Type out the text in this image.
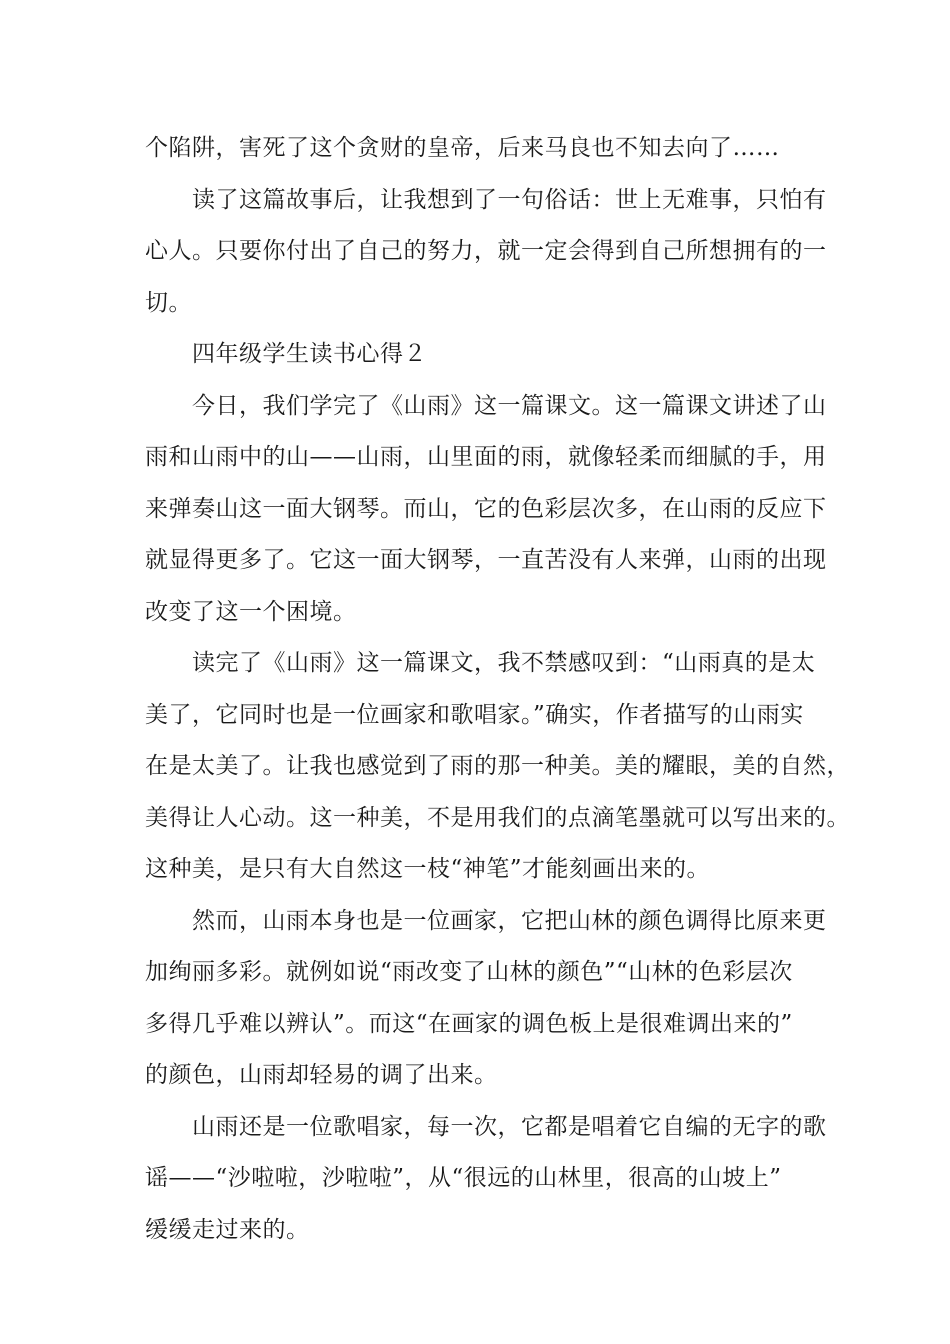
个陷阱，害死了这个贪财的皇帝，后来马良也不知去向了……

读了这篇故事后，让我想到了一句俗话：世上无难事，只怕有

心人。只要你付出了自己的努力，就一定会得到自己所想拥有的一

切。

四年级学生读书心得２

今日，我们学完了《山雨》这一篇课文。这一篇课文讲述了山

雨和山雨中的山——山雨，山里面的雨，就像轻柔而细腻的手，用

来弹奏山这一面大钢琴。而山，它的色彩层次多，在山雨的反应下

就显得更多了。它这一面大钢琴，一直苦没有人来弹，山雨的出现

改变了这一个困境。

读完了《山雨》这一篇课文，我不禁感叹到：“山雨真的是太

美了，它同时也是一位画家和歌唱家。”确实，作者描写的山雨实

在是太美了。让我也感觉到了雨的那一种美。美的耀眼，美的自然，

美得让人心动。这一种美，不是用我们的点滴笔墨就可以写出来的。

这种美，是只有大自然这一枝“神笔”才能刻画出来的。

然而，山雨本身也是一位画家，它把山林的颜色调得比原来更

加绚丽多彩。就例如说“雨改变了山林的颜色”“山林的色彩层次

多得几乎难以辨认”。而这“在画家的调色板上是很难调出来的”

的颜色，山雨却轻易的调了出来。

山雨还是一位歌唱家，每一次，它都是唱着它自编的无字的歌

谣——“沙啦啦，沙啦啦”，从“很远的山林里，很高的山坡上”

缓缓走过来的。
